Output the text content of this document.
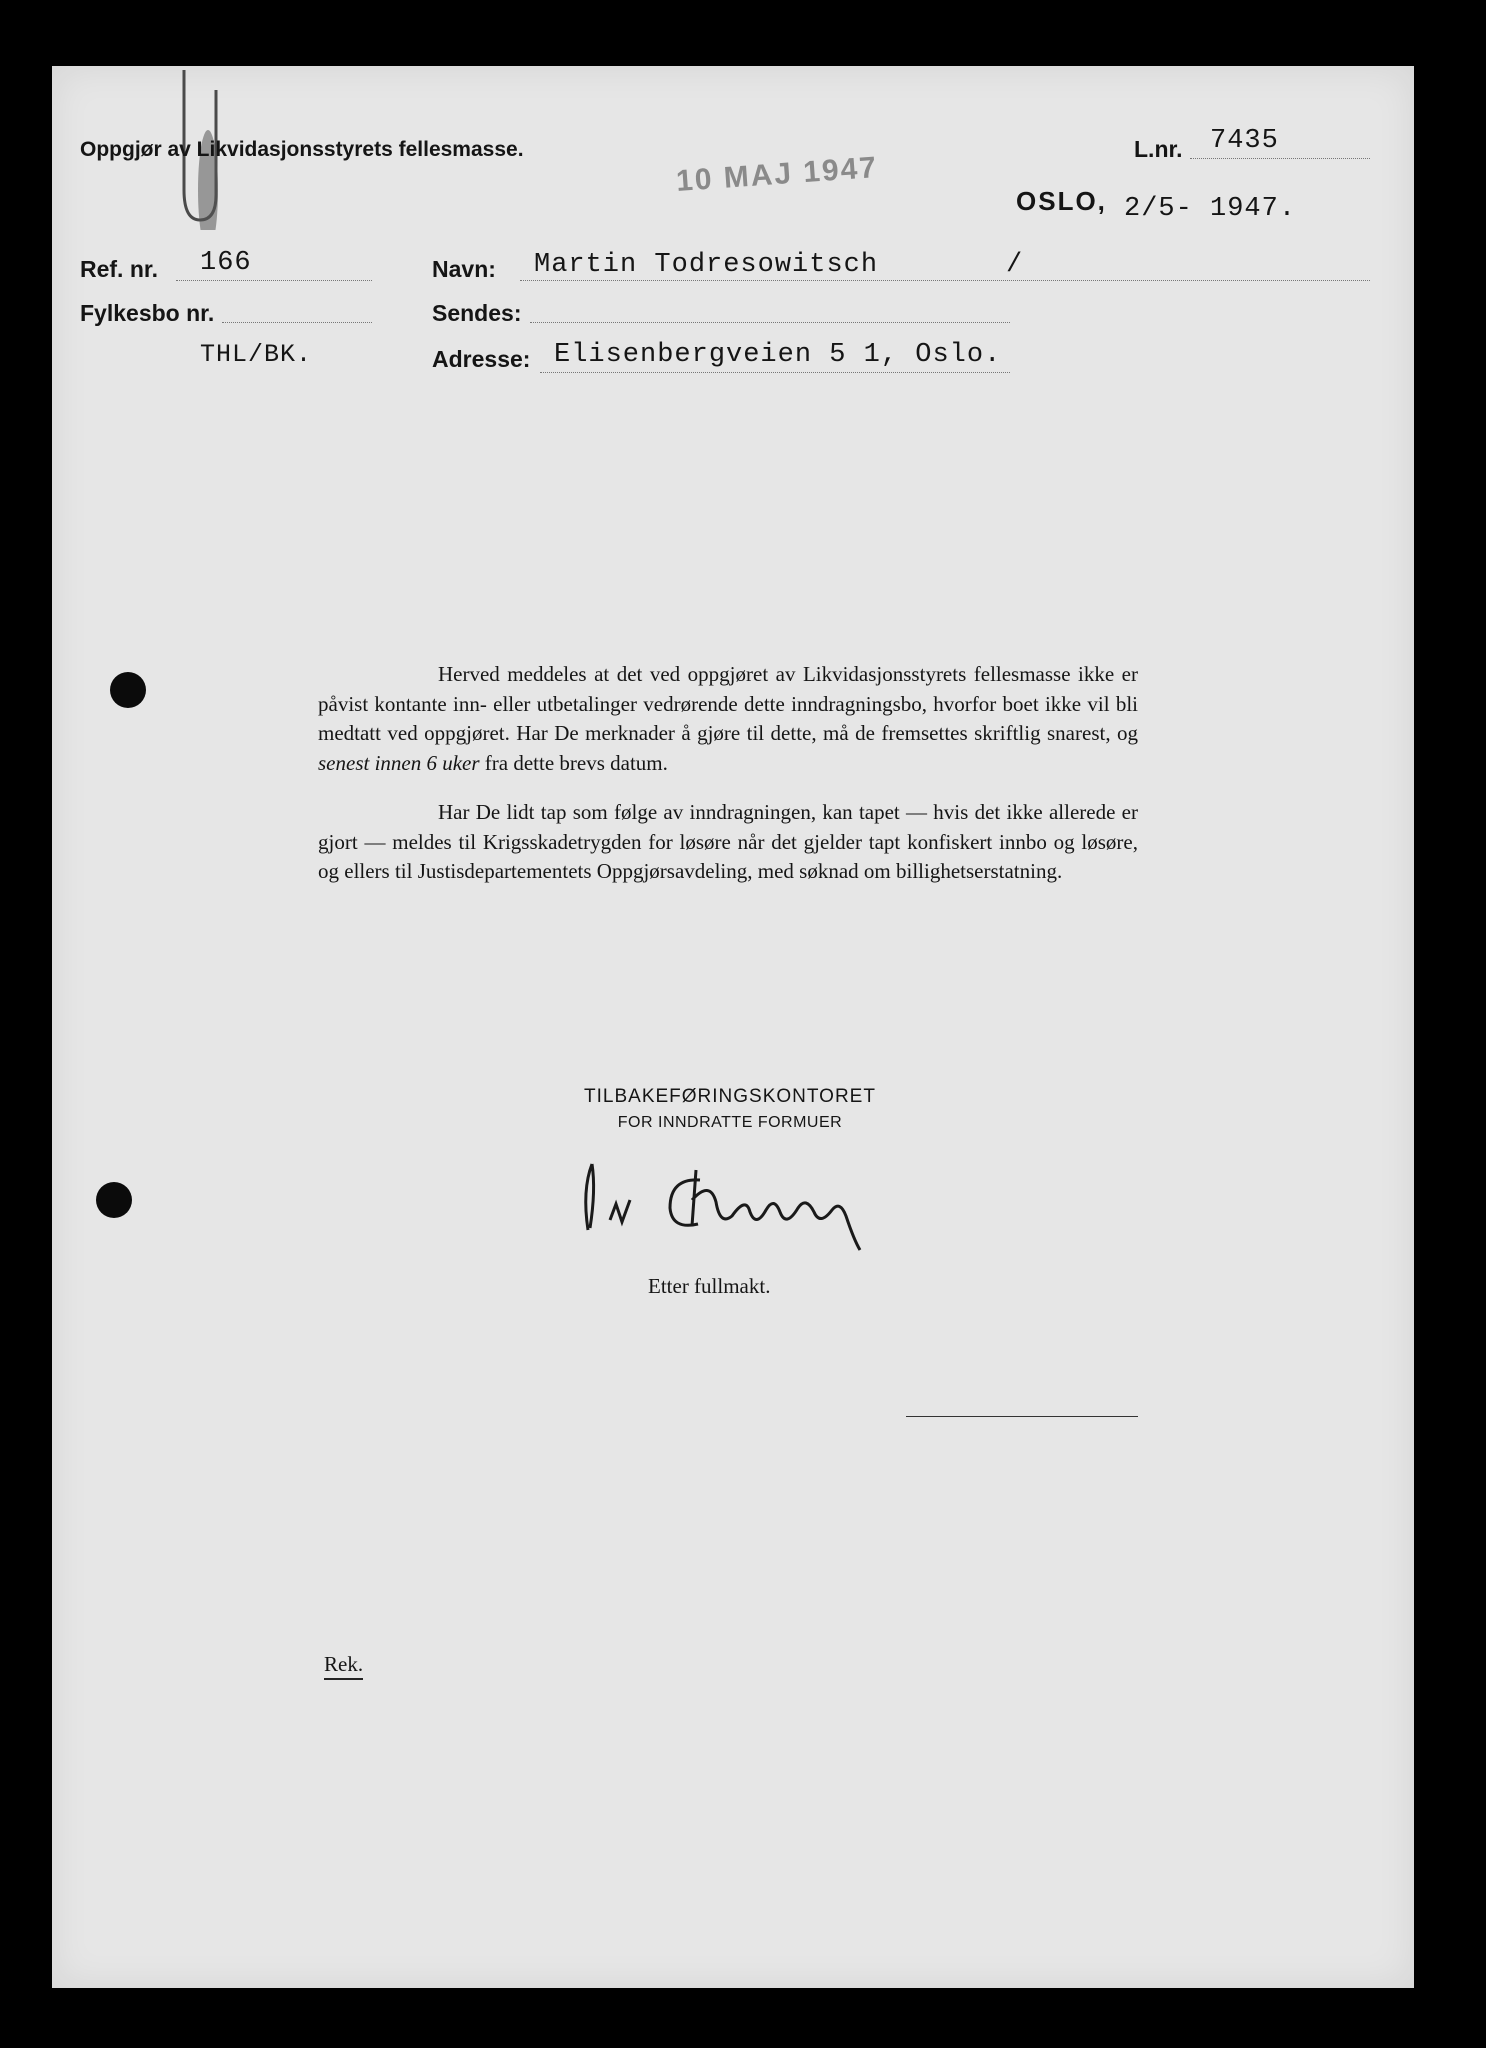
Oppgjør av Likvidasjonsstyrets fellesmasse.	L.nr. 7435
10 MAJ 1947
OSLO, 2/5- 1947.
Ref. nr. 166
Fylkesbo nr.
THL/BK.
Navn: Martin Todresowitsch	/
Sendes:
Adresse: Elisenbergveien 5 1, Oslo.

Herved meddeles at det ved oppgjøret av Likvidasjonsstyrets fellesmasse ikke er påvist kontante inn- eller utbetalinger vedrørende dette inndragningsbo, hvorfor boet ikke vil bli medtatt ved oppgjøret. Har De merknader å gjøre til dette, må de fremsettes skriftlig snarest, og senest innen 6 uker fra dette brevs datum.

Har De lidt tap som følge av inndragningen, kan tapet — hvis det ikke allerede er gjort — meldes til Krigsskadetrygden for løsøre når det gjelder tapt konfiskert innbo og løsøre, og ellers til Justisdepartementets Oppgjørsavdeling, med søknad om billighetserstatning.

TILBAKEFØRINGSKONTORET
FOR INNDRATTE FORMUER
Etter fullmakt.
Rek.
